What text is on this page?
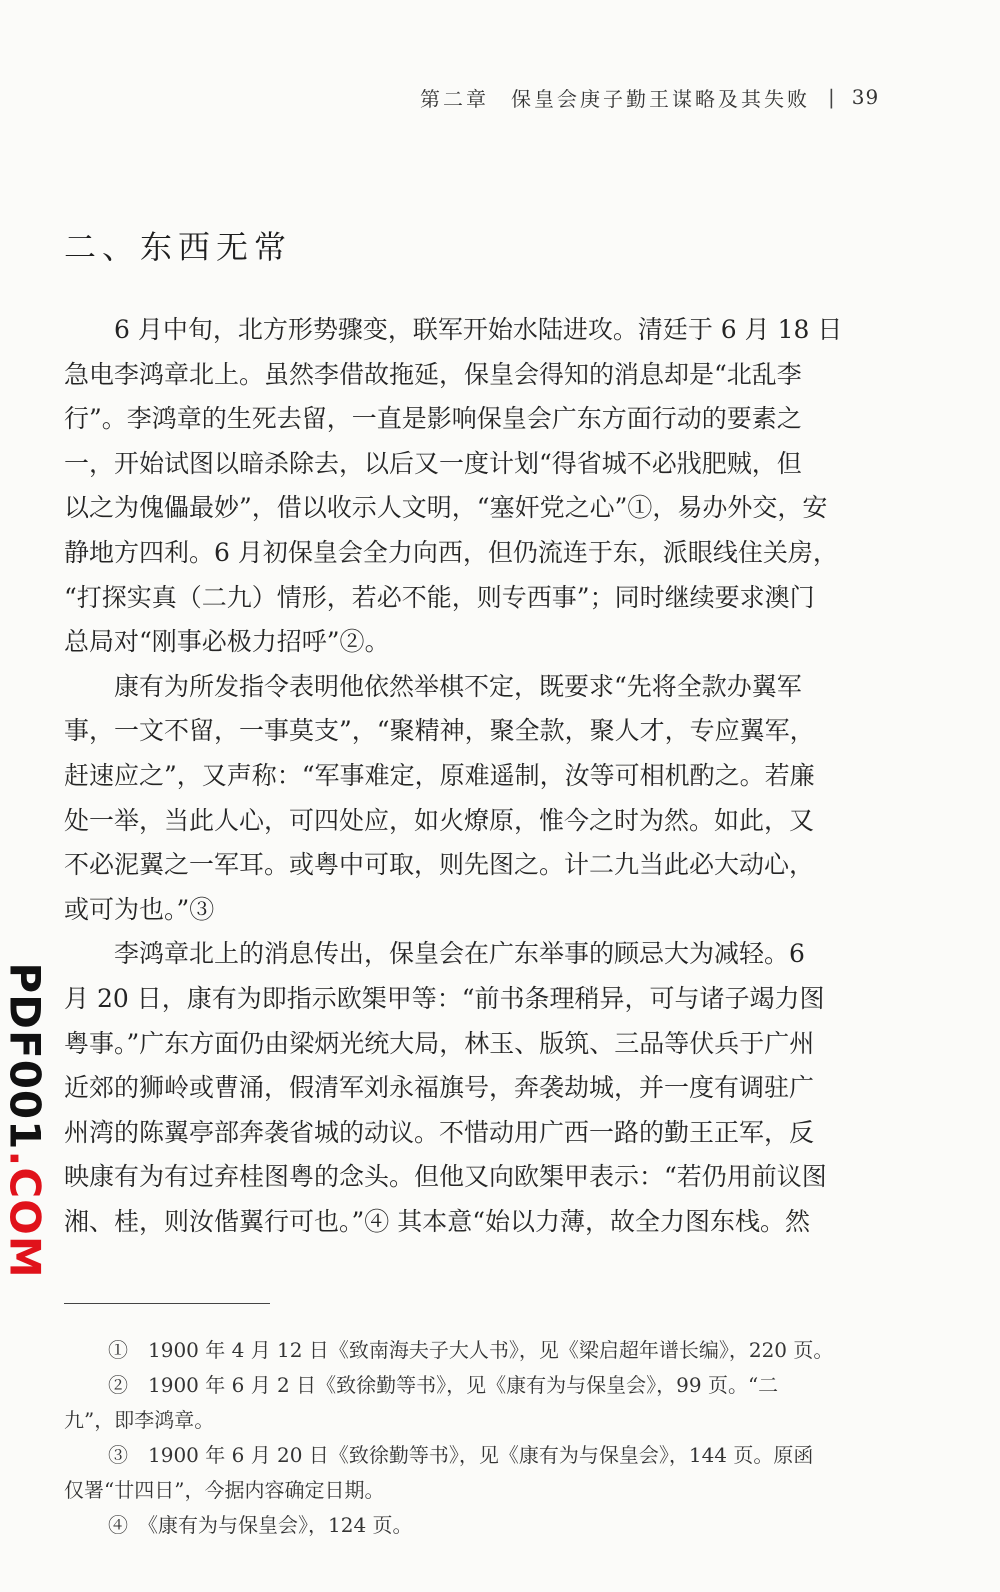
第二章 保皇会庚子勤王谋略及其失败 | 39
二、东西无常
6 月中旬，北方形势骤变，联军开始水陆进攻。清廷于 6 月 18 日
急电李鸿章北上。虽然李借故拖延，保皇会得知的消息却是“北乱李
行”。李鸿章的生死去留，一直是影响保皇会广东方面行动的要素之
一，开始试图以暗杀除去，以后又一度计划“得省城不必戕肥贼，但
以之为傀儡最妙”，借以收示人文明，“塞奸党之心”①，易办外交，安
静地方四利。6 月初保皇会全力向西，但仍流连于东，派眼线住关房，
“打探实真（二九）情形，若必不能，则专西事”；同时继续要求澳门
总局对“刚事必极力招呼”②。
康有为所发指令表明他依然举棋不定，既要求“先将全款办翼军
事，一文不留，一事莫支”，“聚精神，聚全款，聚人才，专应翼军，
赶速应之”，又声称：“军事难定，原难遥制，汝等可相机酌之。若廉
处一举，当此人心，可四处应，如火燎原，惟今之时为然。如此，又
不必泥翼之一军耳。或粤中可取，则先图之。计二九当此必大动心，
或可为也。”③
李鸿章北上的消息传出，保皇会在广东举事的顾忌大为减轻。6
月 20 日，康有为即指示欧榘甲等：“前书条理稍异，可与诸子竭力图
粤事。”广东方面仍由梁炳光统大局，林玉、版筑、三品等伏兵于广州
近郊的狮岭或曹涌，假清军刘永福旗号，奔袭劫城，并一度有调驻广
州湾的陈翼亭部奔袭省城的动议。不惜动用广西一路的勤王正军，反
映康有为有过弃桂图粤的念头。但他又向欧榘甲表示：“若仍用前议图
湘、桂，则汝偕翼行可也。”④ 其本意“始以力薄，故全力图东栈。然
①　1900 年 4 月 12 日《致南海夫子大人书》，见《梁启超年谱长编》，220 页。
②　1900 年 6 月 2 日《致徐勤等书》，见《康有为与保皇会》，99 页。“二
九”，即李鸿章。
③　1900 年 6 月 20 日《致徐勤等书》，见《康有为与保皇会》，144 页。原函
仅署“廿四日”，今据内容确定日期。
④　《康有为与保皇会》，124 页。
PDF001.COM
